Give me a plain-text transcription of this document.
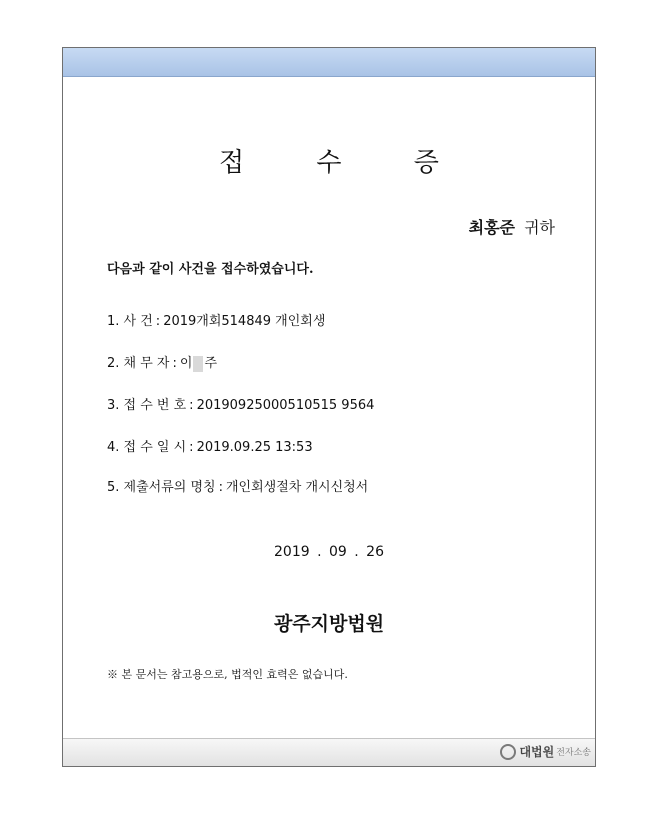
접 수 증
최홍준 귀하
다음과 같이 사건을 접수하였습니다.
1. 사 건 : 2019개회514849 개인회생
2. 채 무 자 : 이 주
3. 접 수 번 호 : 20190925000510515 9564
4. 접 수 일 시 : 2019.09.25 13:53
5. 제출서류의 명칭 : 개인회생절차 개시신청서
2019 . 09 . 26
광주지방법원
※ 본 문서는 참고용으로, 법적인 효력은 없습니다.
대법원 전자소송
